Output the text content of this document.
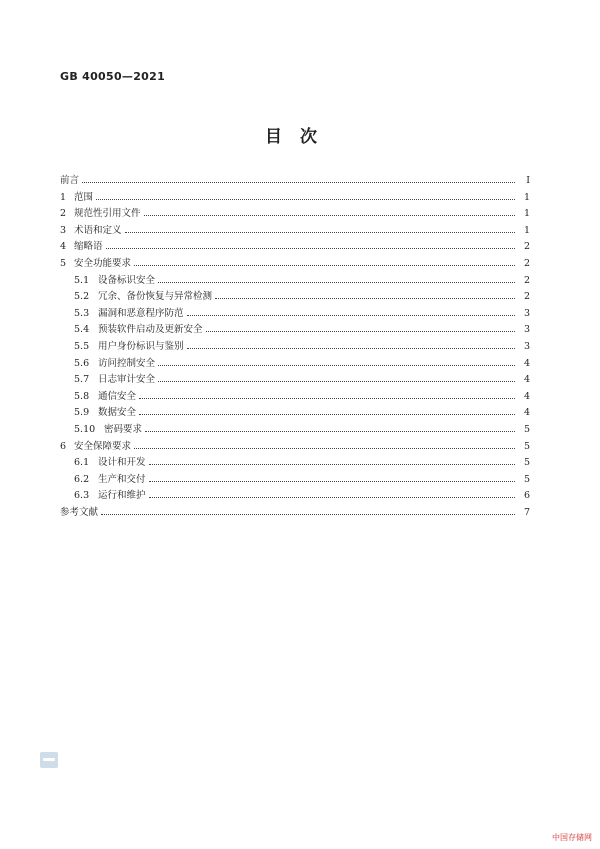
GB 40050—2021
目次
前言	I
1 范围	1
2 规范性引用文件	1
3 术语和定义	1
4 缩略语	2
5 安全功能要求	2
5.1 设备标识安全	2
5.2 冗余、备份恢复与异常检测	2
5.3 漏洞和恶意程序防范	3
5.4 预装软件启动及更新安全	3
5.5 用户身份标识与鉴别	3
5.6 访问控制安全	4
5.7 日志审计安全	4
5.8 通信安全	4
5.9 数据安全	4
5.10 密码要求	5
6 安全保障要求	5
6.1 设计和开发	5
6.2 生产和交付	5
6.3 运行和维护	6
参考文献	7
中国存储网
